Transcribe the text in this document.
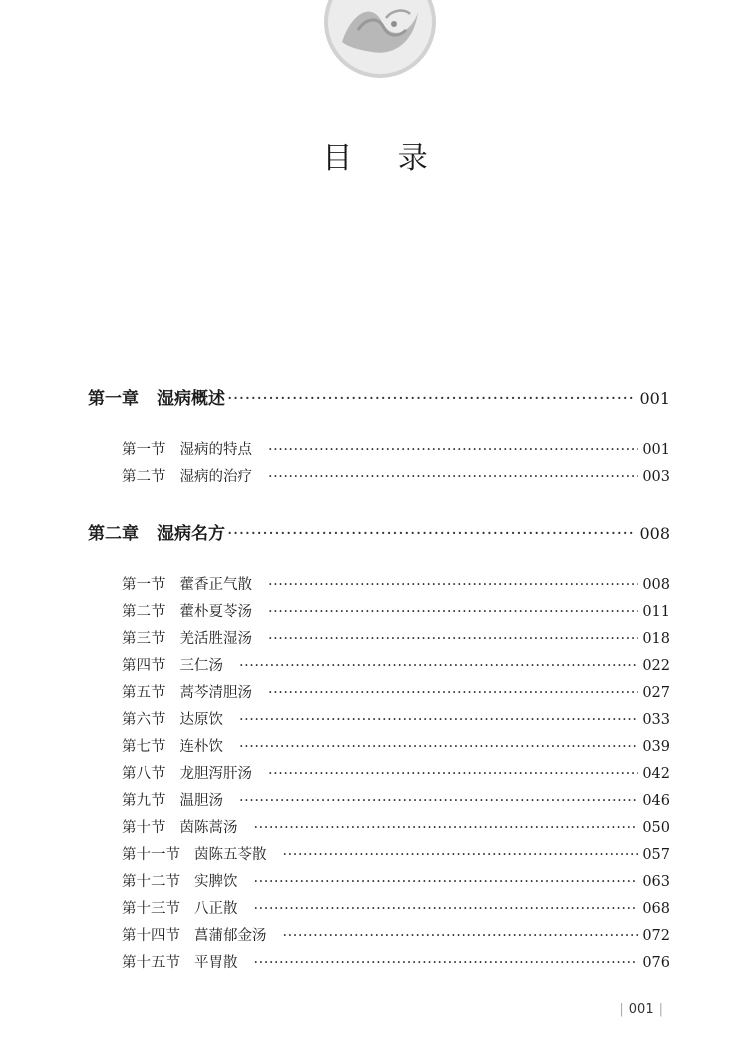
目 录
第一章 湿病概述 ·····	001
第一节 湿病的特点 ·····	001
第二节 湿病的治疗 ·····	003
第二章 湿病名方 ·····	008
第一节 藿香正气散 ·····	008
第二节 藿朴夏苓汤 ·····	011
第三节 羌活胜湿汤 ·····	018
第四节 三仁汤 ·····	022
第五节 蒿芩清胆汤 ·····	027
第六节 达原饮 ·····	033
第七节 连朴饮 ·····	039
第八节 龙胆泻肝汤 ·····	042
第九节 温胆汤 ·····	046
第十节 茵陈蒿汤 ·····	050
第十一节 茵陈五苓散 ·····	057
第十二节 实脾饮 ·····	063
第十三节 八正散 ·····	068
第十四节 菖蒲郁金汤 ·····	072
第十五节 平胃散 ·····	076
| 001 |
